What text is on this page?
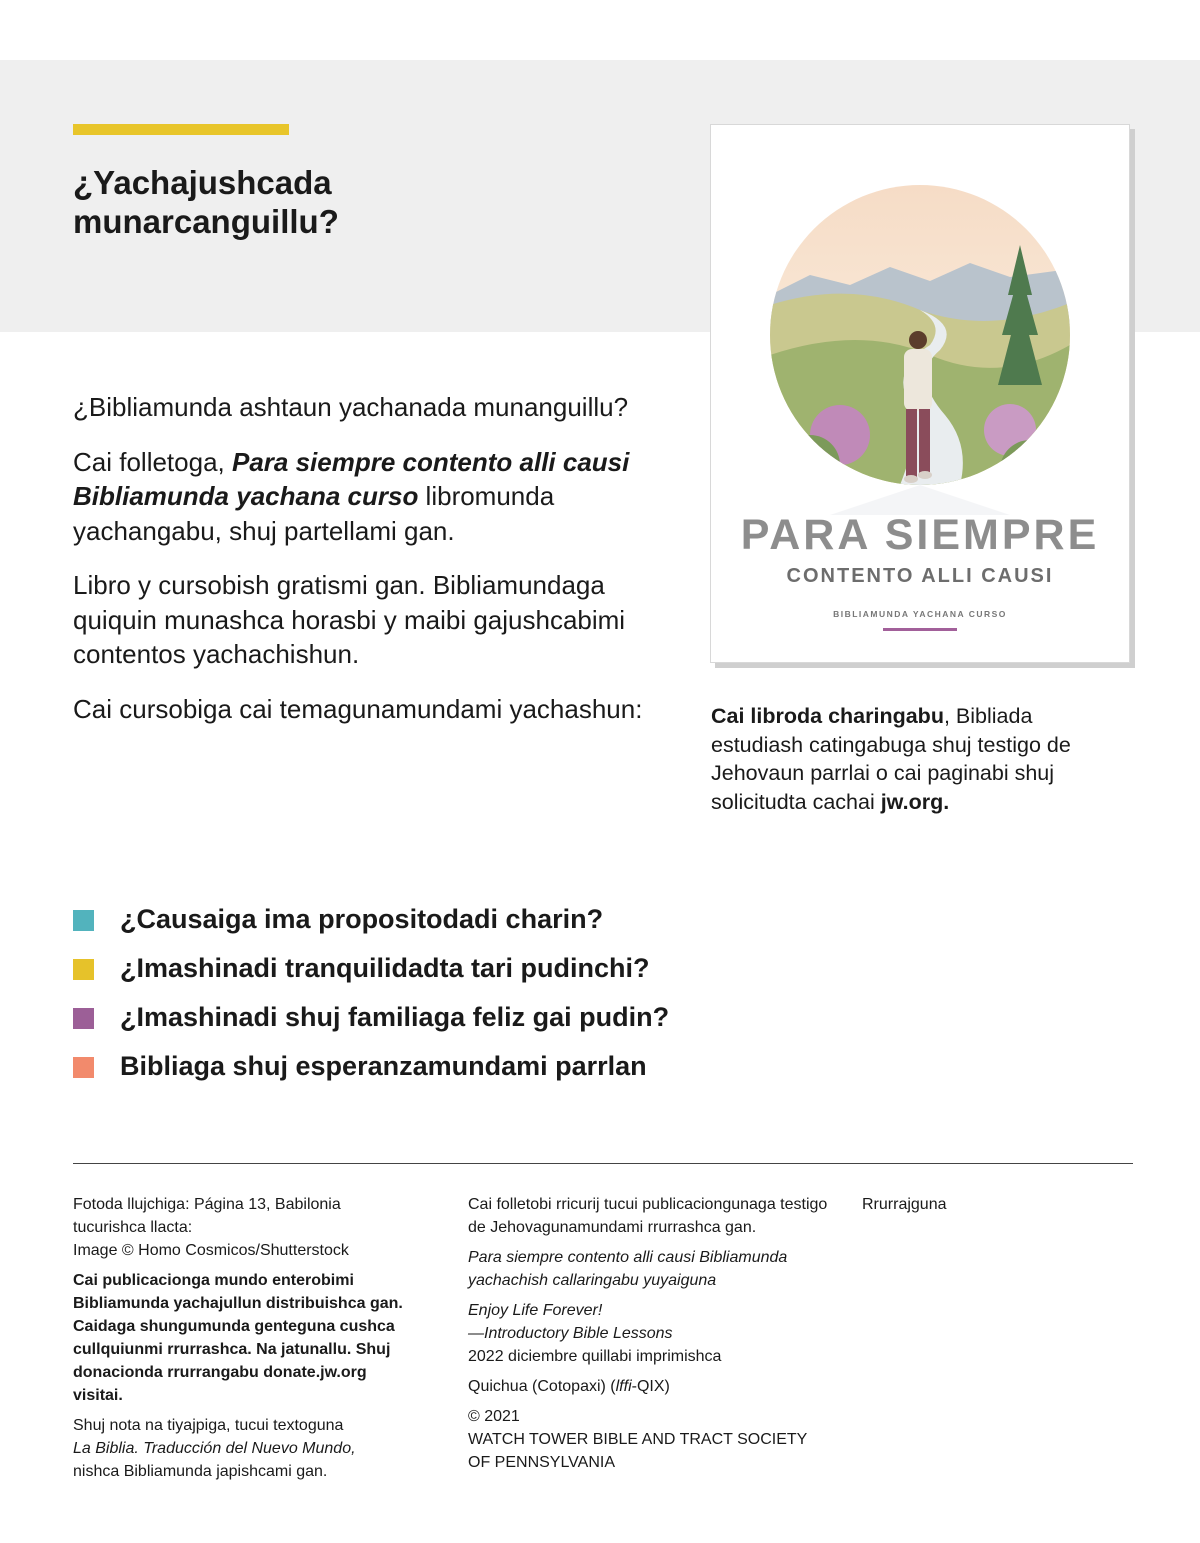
¿Yachajushcada
munarcanguillu?

¿Bibliamunda ashtaun yachanada munanguillu?

Cai folletoga, Para siempre contento alli causi Bibliamunda yachana curso libromunda yachangabu, shuj partellami gan.

Libro y cursobish gratismi gan. Bibliamundaga quiquin munashca horasbi y maibi gajushcabimi contentos yachachishun.

Cai cursobiga cai temagunamundami yachashun:

¿Causaiga ima propositodadi charin?
¿Imashinadi tranquilidadta tari pudinchi?
¿Imashinadi shuj familiaga feliz gai pudin?
Bibliaga shuj esperanzamundami parrlan
PARA SIEMPRE
CONTENTO ALLI CAUSI
BIBLIAMUNDA YACHANA CURSO
Cai libroda charingabu, Bibliada estudiash catingabuga shuj testigo de Jehovaun parrlai o cai paginabi shuj solicitudta cachai jw.org.

Fotoda llujchiga: Página 13, Babilonia tucurishca llacta:
Image © Homo Cosmicos/Shutterstock

Cai publicacionga mundo enterobimi Bibliamunda yachajullun distribuishca gan. Caidaga shungumunda genteguna cushca cullquiunmi rrurrashca. Na jatunallu. Shuj donacionda rrurrangabu donate.jw.org visitai.

Shuj nota na tiyajpiga, tucui textoguna
La Biblia. Traducción del Nuevo Mundo,
nishca Bibliamunda japishcami gan.

Cai folletobi rricurij tucui publicaciongunaga testigo de Jehovagunamundami rrurrashca gan.

Para siempre contento alli causi Bibliamunda yachachish callaringabu yuyaiguna

Enjoy Life Forever!
—Introductory Bible Lessons
2022 diciembre quillabi imprimishca

Quichua (Cotopaxi) (lffi-QIX)

© 2021
WATCH TOWER BIBLE AND TRACT SOCIETY
OF PENNSYLVANIA

Rrurrajguna
